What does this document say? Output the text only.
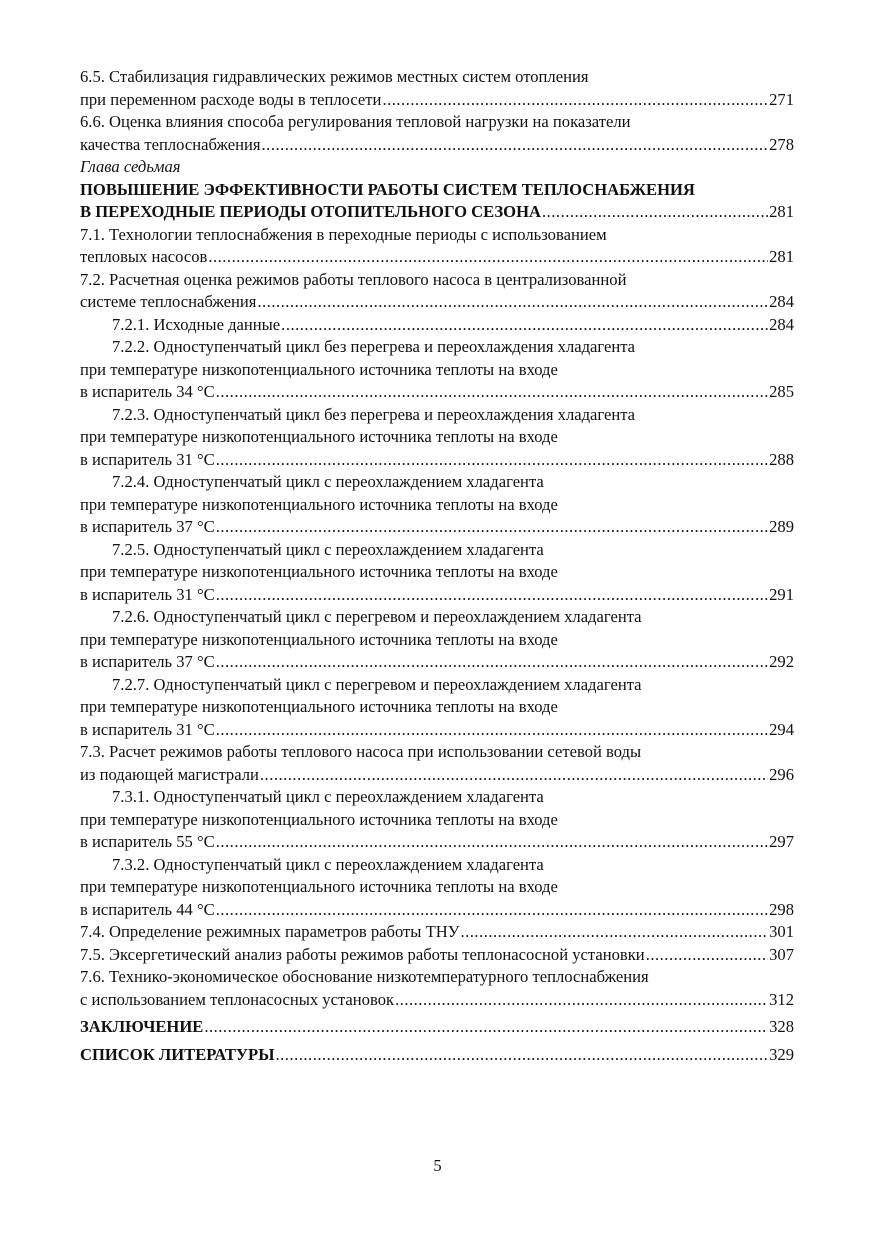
6.5. Стабилизация гидравлических режимов местных систем отопления
при переменном расходе воды в теплосети .....	271
6.6. Оценка влияния способа регулирования тепловой нагрузки на показатели
качества теплоснабжения .....	278
Глава седьмая
ПОВЫШЕНИЕ ЭФФЕКТИВНОСТИ РАБОТЫ СИСТЕМ ТЕПЛОСНАБЖЕНИЯ
В ПЕРЕХОДНЫЕ ПЕРИОДЫ ОТОПИТЕЛЬНОГО СЕЗОНА .....	281
7.1. Технологии теплоснабжения в переходные периоды с использованием
тепловых насосов .....	281
7.2. Расчетная оценка режимов работы теплового насоса в централизованной
системе теплоснабжения .....	284
7.2.1. Исходные данные .....	284
7.2.2. Одноступенчатый цикл без перегрева и переохлаждения хладагента
при температуре низкопотенциального источника теплоты на входе
в испаритель 34 °C .....	285
7.2.3. Одноступенчатый цикл без перегрева и переохлаждения хладагента
при температуре низкопотенциального источника теплоты на входе
в испаритель 31 °C .....	288
7.2.4. Одноступенчатый цикл с переохлаждением хладагента
при температуре низкопотенциального источника теплоты на входе
в испаритель 37 °C .....	289
7.2.5. Одноступенчатый цикл с переохлаждением хладагента
при температуре низкопотенциального источника теплоты на входе
в испаритель 31 °C .....	291
7.2.6. Одноступенчатый цикл с перегревом и переохлаждением хладагента
при температуре низкопотенциального источника теплоты на входе
в испаритель 37 °C .....	292
7.2.7. Одноступенчатый цикл с перегревом и переохлаждением хладагента
при температуре низкопотенциального источника теплоты на входе
в испаритель 31 °C .....	294
7.3. Расчет режимов работы теплового насоса при использовании сетевой воды
из подающей магистрали .....	296
7.3.1. Одноступенчатый цикл с переохлаждением хладагента
при температуре низкопотенциального источника теплоты на входе
в испаритель 55 °C .....	297
7.3.2. Одноступенчатый цикл с переохлаждением хладагента
при температуре низкопотенциального источника теплоты на входе
в испаритель 44 °C .....	298
7.4. Определение режимных параметров работы ТНУ .....	301
7.5. Эксергетический анализ работы режимов работы теплонасосной установки .....	307
7.6. Технико-экономическое обоснование низкотемпературного теплоснабжения
с использованием теплонасосных установок .....	312
ЗАКЛЮЧЕНИЕ .....	328
СПИСОК ЛИТЕРАТУРЫ .....	329
5
